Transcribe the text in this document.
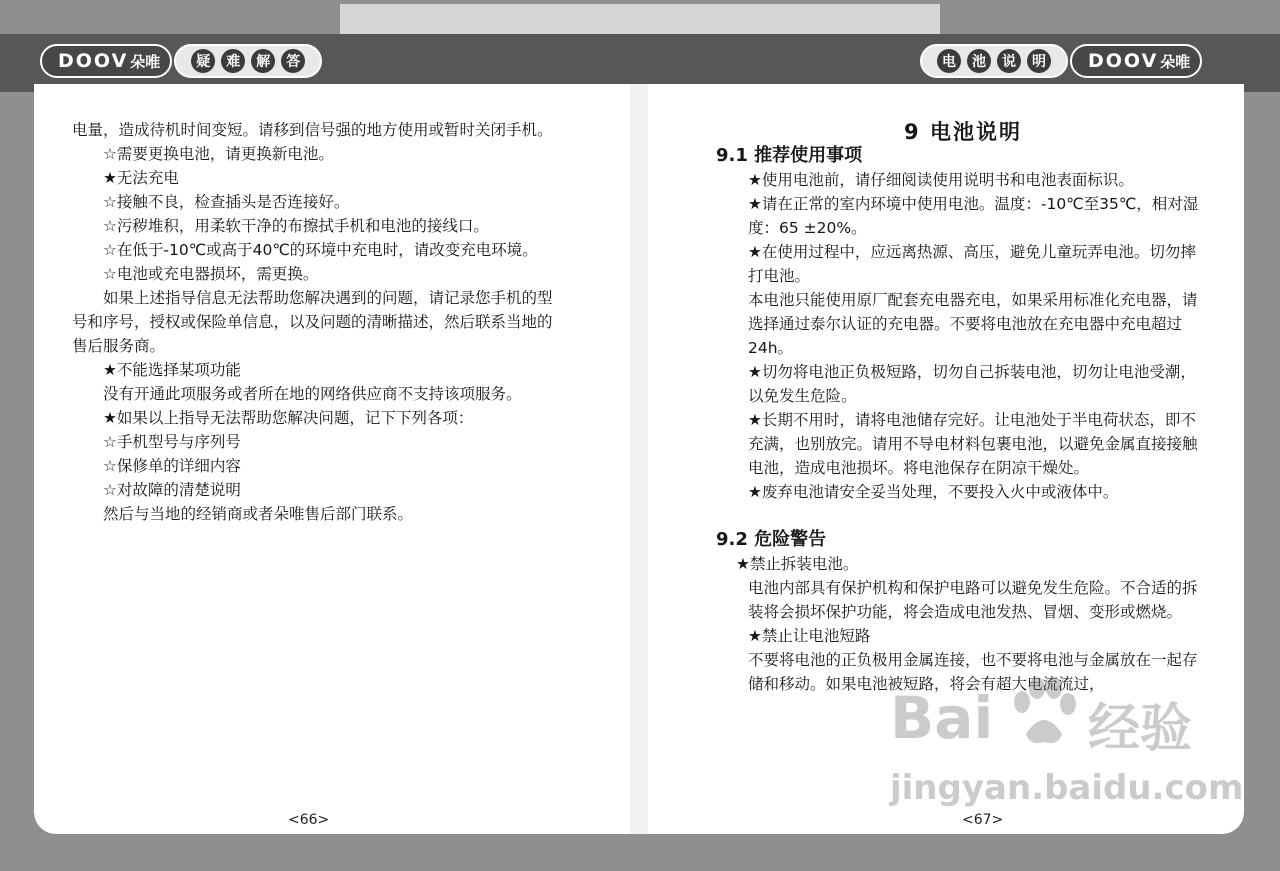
DOOV 朵唯	疑	难	解	答	电	池	说	明	DOOV 朵唯

电量，造成待机时间变短。请移到信号强的地方使用或暂时关闭手机。

☆需要更换电池，请更换新电池。

★无法充电

☆接触不良，检查插头是否连接好。

☆污秽堆积，用柔软干净的布擦拭手机和电池的接线口。

☆在低于-10℃或高于40℃的环境中充电时，请改变充电环境。

☆电池或充电器损坏，需更换。

如果上述指导信息无法帮助您解决遇到的问题，请记录您手机的型号和序号，授权或保险单信息，以及问题的清晰描述，然后联系当地的售后服务商。

★不能选择某项功能

没有开通此项服务或者所在地的网络供应商不支持该项服务。

★如果以上指导无法帮助您解决问题，记下下列各项：

☆手机型号与序列号

☆保修单的详细内容

☆对故障的清楚说明

然后与当地的经销商或者朵唯售后部门联系。

<66>

9 电池说明

9.1 推荐使用事项

★使用电池前，请仔细阅读使用说明书和电池表面标识。

★请在正常的室内环境中使用电池。温度：-10℃至35℃，相对湿度：65 ±20%。

★在使用过程中，应远离热源、高压，避免儿童玩弄电池。切勿摔打电池。

本电池只能使用原厂配套充电器充电，如果采用标准化充电器，请选择通过泰尔认证的充电器。不要将电池放在充电器中充电超过24h。

★切勿将电池正负极短路，切勿自己拆装电池，切勿让电池受潮，以免发生危险。

★长期不用时，请将电池储存完好。让电池处于半电荷状态，即不充满，也别放完。请用不导电材料包裹电池，以避免金属直接接触电池，造成电池损坏。将电池保存在阴凉干燥处。

★废弃电池请安全妥当处理，不要投入火中或液体中。

9.2 危险警告

★禁止拆装电池。

电池内部具有保护机构和保护电路可以避免发生危险。不合适的拆装将会损坏保护功能，将会造成电池发热、冒烟、变形或燃烧。

★禁止让电池短路

不要将电池的正负极用金属连接，也不要将电池与金属放在一起存储和移动。如果电池被短路，将会有超大电流流过，

<67>
Bai 经验
jingyan.baidu.com
